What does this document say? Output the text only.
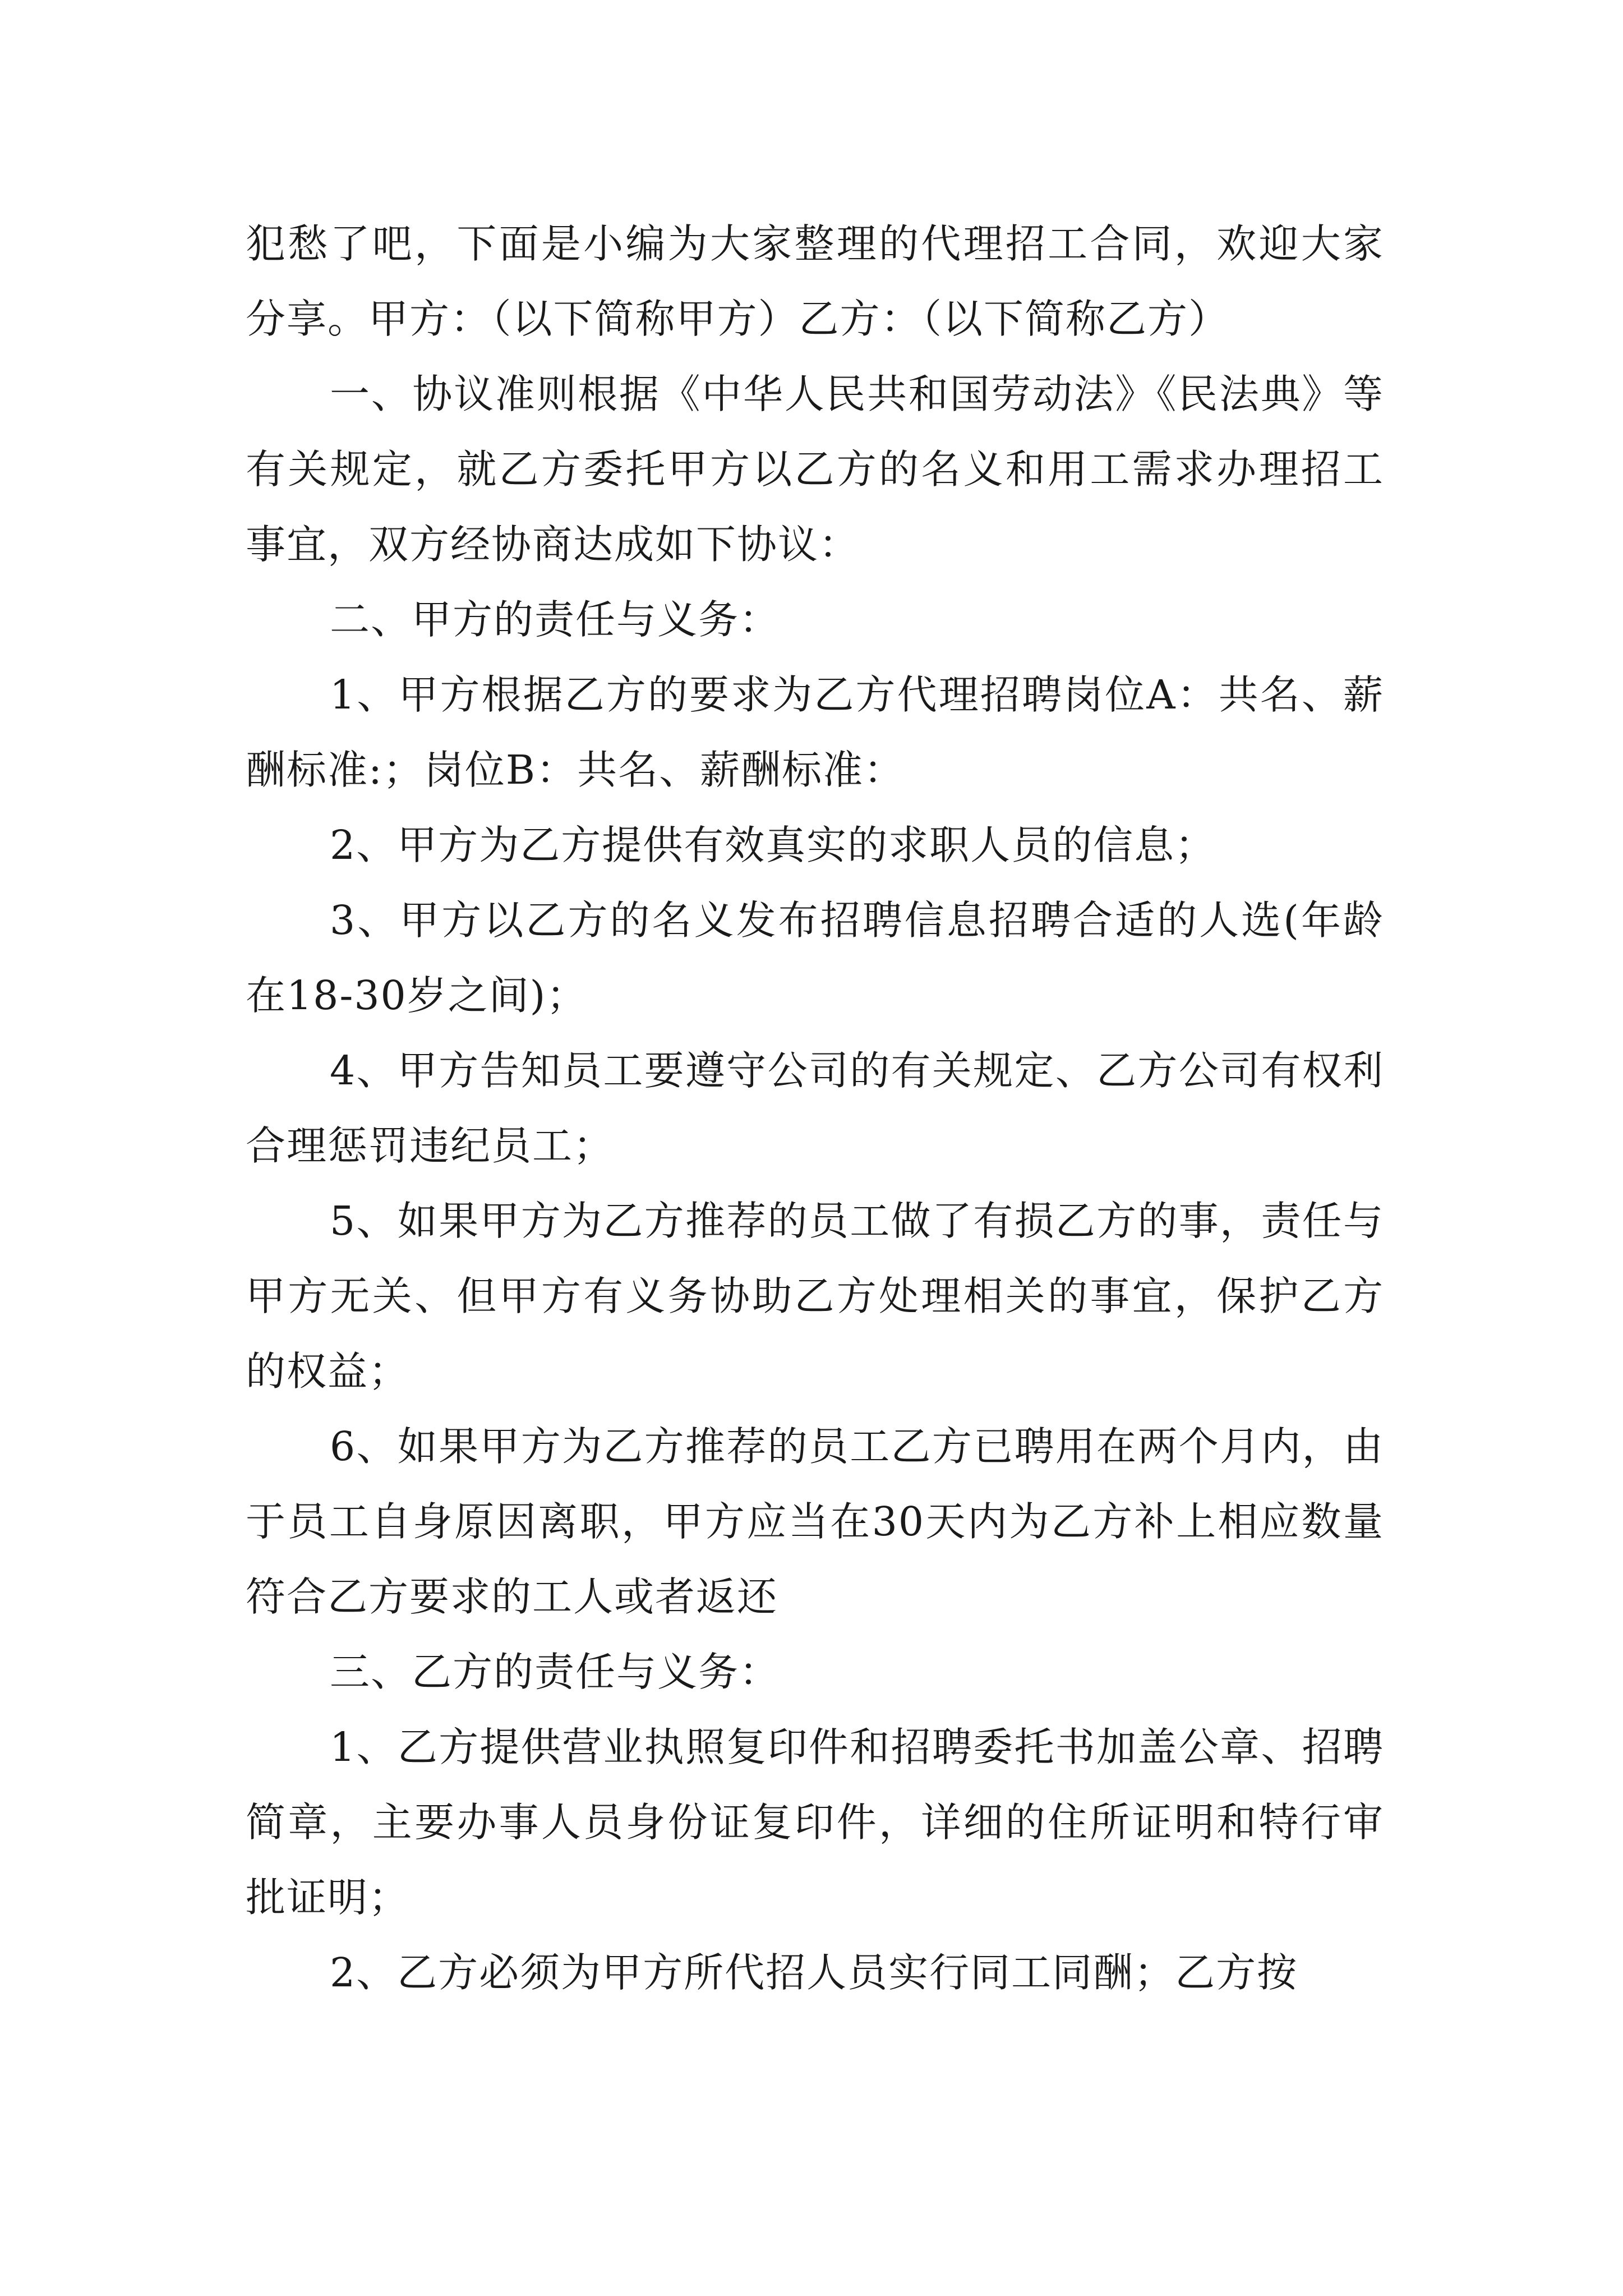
犯愁了吧，下面是小编为大家整理的代理招工合同，欢迎大家分享。甲方：（以下简称甲方）乙方：（以下简称乙方）

一、协议准则根据《中华人民共和国劳动法》《民法典》等有关规定，就乙方委托甲方以乙方的名义和用工需求办理招工事宜，双方经协商达成如下协议：

二、甲方的责任与义务：

1、甲方根据乙方的要求为乙方代理招聘岗位A：共名、薪酬标准:；岗位B：共名、薪酬标准：

2、甲方为乙方提供有效真实的求职人员的信息；

3、甲方以乙方的名义发布招聘信息招聘合适的人选(年龄在18-30岁之间)；

4、甲方告知员工要遵守公司的有关规定、乙方公司有权利合理惩罚违纪员工；

5、如果甲方为乙方推荐的员工做了有损乙方的事，责任与甲方无关、但甲方有义务协助乙方处理相关的事宜，保护乙方的权益；

6、如果甲方为乙方推荐的员工乙方已聘用在两个月内，由于员工自身原因离职，甲方应当在30天内为乙方补上相应数量符合乙方要求的工人或者返还

三、乙方的责任与义务：

1、乙方提供营业执照复印件和招聘委托书加盖公章、招聘简章，主要办事人员身份证复印件，详细的住所证明和特行审批证明；

2、乙方必须为甲方所代招人员实行同工同酬；乙方按
